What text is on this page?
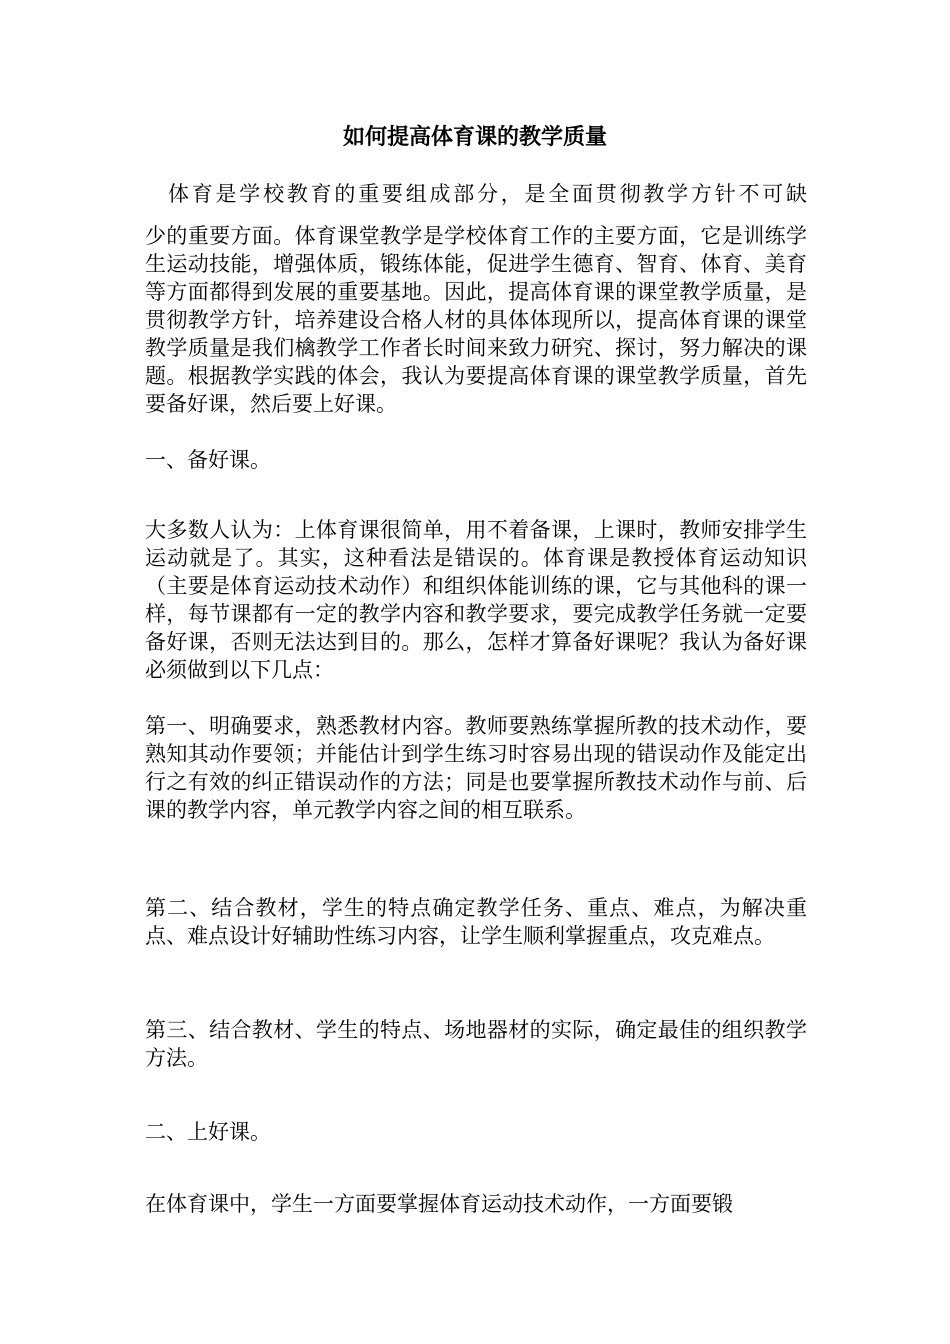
如何提高体育课的教学质量
体育是学校教育的重要组成部分，是全面贯彻教学方针不可缺
少的重要方面。体育课堂教学是学校体育工作的主要方面，它是训练学生运动技能，增强体质，锻练体能，促进学生德育、智育、体育、美育等方面都得到发展的重要基地。因此，提高体育课的课堂教学质量，是贯彻教学方针，培养建设合格人材的具体体现所以，提高体育课的课堂教学质量是我们檎教学工作者长时间来致力研究、探讨，努力解决的课题。根据教学实践的体会，我认为要提高体育课的课堂教学质量，首先要备好课，然后要上好课。
一、备好课。
大多数人认为：上体育课很简单，用不着备课，上课时，教师安排学生运动就是了。其实，这种看法是错误的。体育课是教授体育运动知识（主要是体育运动技术动作）和组织体能训练的课，它与其他科的课一样，每节课都有一定的教学内容和教学要求，要完成教学任务就一定要备好课，否则无法达到目的。那么，怎样才算备好课呢？我认为备好课必须做到以下几点：
第一、明确要求，熟悉教材内容。教师要熟练掌握所教的技术动作，要熟知其动作要领；并能估计到学生练习时容易出现的错误动作及能定出行之有效的纠正错误动作的方法；同是也要掌握所教技术动作与前、后课的教学内容，单元教学内容之间的相互联系。
第二、结合教材，学生的特点确定教学任务、重点、难点，为解决重点、难点设计好辅助性练习内容，让学生顺利掌握重点，攻克难点。
第三、结合教材、学生的特点、场地器材的实际，确定最佳的组织教学方法。
二、上好课。
在体育课中，学生一方面要掌握体育运动技术动作，一方面要锻
